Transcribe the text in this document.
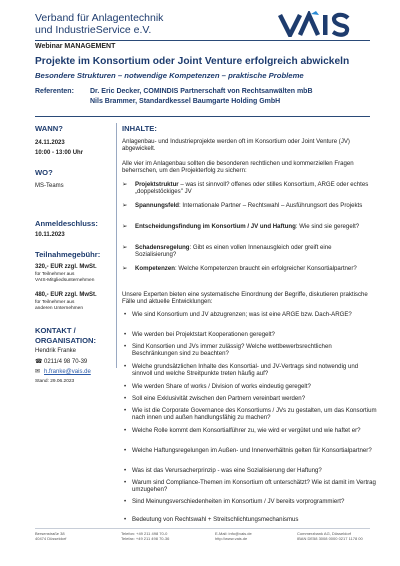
Verband für Anlagentechnik
und IndustrieService e.V.
Webinar MANAGEMENT
Projekte im Konsortium oder Joint Venture erfolgreich abwickeln
Besondere Strukturen – notwendige Kompetenzen – praktische Probleme
Referenten: Dr. Eric Decker, COMINDIS Partnerschaft von Rechtsanwälten mbB
Nils Brammer, Standardkessel Baumgarte Holding GmbH
WANN?
24.11.2023
10:00 - 13:00 Uhr
WO?
MS-Teams
Anmeldeschluss:
10.11.2023
Teilnahmegebühr:
320,- EUR zzgl. MwSt.
für Teilnehmer aus
VAIS-Mitgliedsunternehmen
480,- EUR zzgl. MwSt.
für Teilnehmer aus
anderen Unternehmen
KONTAKT /
ORGANISATION:
Hendrik Franke
☎ 0211/4 98 70-39
✉ h.franke@vais.de
Stand: 29.06.2023
INHALTE:
Anlagenbau- und Industrieprojekte werden oft im Konsortium oder Joint Venture (JV) abgewickelt.
Alle vier im Anlagenbau sollten die besonderen rechtlichen und kommerziellen Fragen beherrschen, um den Projekterfolg zu sichern:
➢ Projektstruktur – was ist sinnvoll? offenes oder stilles Konsortium, ARGE oder echtes „doppelstöckiges" JV
➢ Spannungsfeld: Internationale Partner – Rechtswahl – Ausführungsort des Projekts
➢ Entscheidungsfindung im Konsortium / JV und Haftung: Wie sind sie geregelt?
➢ Schadensregelung: Gibt es einen vollen Innenausgleich oder greift eine Sozialisierung?
➢ Kompetenzen: Welche Kompetenzen braucht ein erfolgreicher Konsortialpartner?
Unsere Experten bieten eine systematische Einordnung der Begriffe, diskutieren praktische Fälle und aktuelle Entwicklungen:
• Wie sind Konsortium und JV abzugrenzen; was ist eine ARGE bzw. Dach-ARGE?
• Wie werden bei Projektstart Kooperationen geregelt?
• Sind Konsortien und JVs immer zulässig? Welche wettbewerbsrechtlichen Beschränkungen sind zu beachten?
• Welche grundsätzlichen Inhalte des Konsortial- und JV-Vertrags sind notwendig und sinnvoll und welche Streitpunkte treten häufig auf?
• Wie werden Share of works / Division of works eindeutig geregelt?
• Soll eine Exklusivität zwischen den Partnern vereinbart werden?
• Wie ist die Corporate Governance des Konsortiums / JVs zu gestalten, um das Konsortium nach innen und außen handlungsfähig zu machen?
• Welche Rolle kommt dem Konsortialführer zu, wie wird er vergütet und wie haftet er?
• Welche Haftungsregelungen im Außen- und Innenverhältnis gelten für Konsortialpartner?
• Was ist das Verursacherprinzip - was eine Sozialisierung der Haftung?
• Warum sind Compliance-Themen im Konsortium oft unterschätzt? Wie ist damit im Vertrag umzugehen?
• Sind Meinungsverschiedenheiten im Konsortium / JV bereits vorprogrammiert?
• Bedeutung von Rechtswahl + Streitschlichtungsmechanismus
Bersenstraße 38
40474 Düsseldorf
Telefon: +49 211 498 70-0
Telefax: +49 211 498 70-36
E-Mail: info@vais.de
http://www.vais.de
Commerzbank AG, Düsseldorf
IBAN DE58 3008 0000 0217 1178 00
